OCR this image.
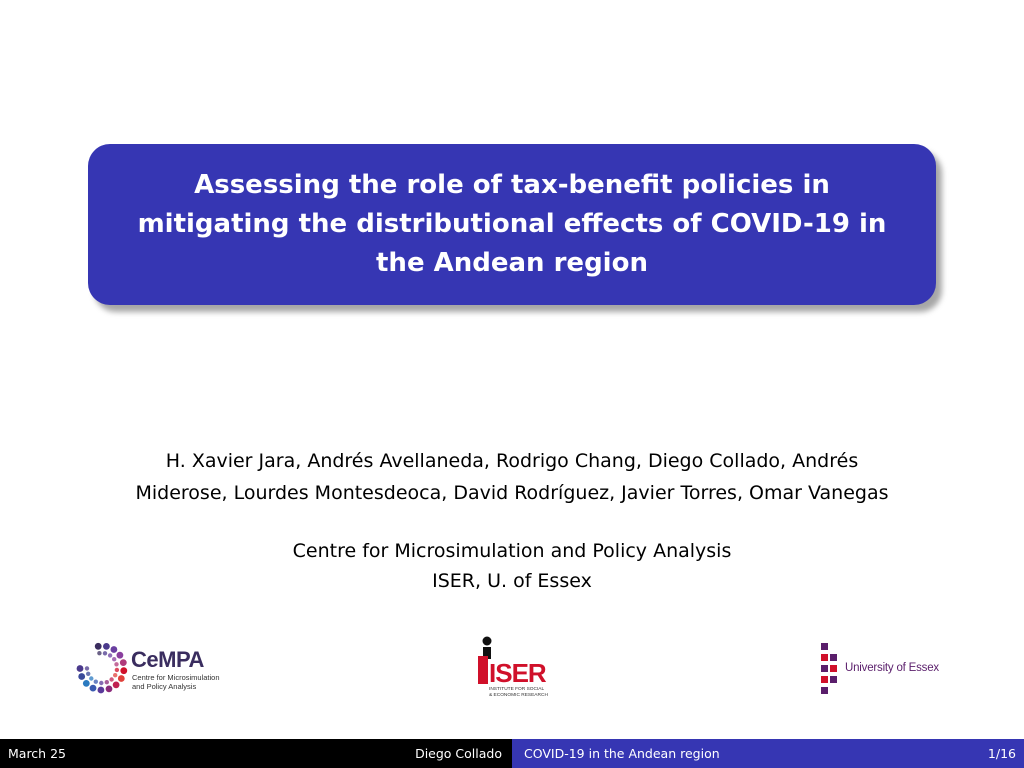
Assessing the role of tax-benefit policies in
mitigating the distributional effects of COVID-19 in
the Andean region
H. Xavier Jara, Andrés Avellaneda, Rodrigo Chang, Diego Collado, Andrés
Miderose, Lourdes Montesdeoca, David Rodríguez, Javier Torres, Omar Vanegas
Centre for Microsimulation and Policy Analysis
ISER, U. of Essex
CeMPA
Centre for Microsimulation
and Policy Analysis	ISER
INSTITUTE FOR SOCIAL
& ECONOMIC RESEARCH
University of Essex
March 25	Diego Collado COVID-19 in the Andean region	1/16
